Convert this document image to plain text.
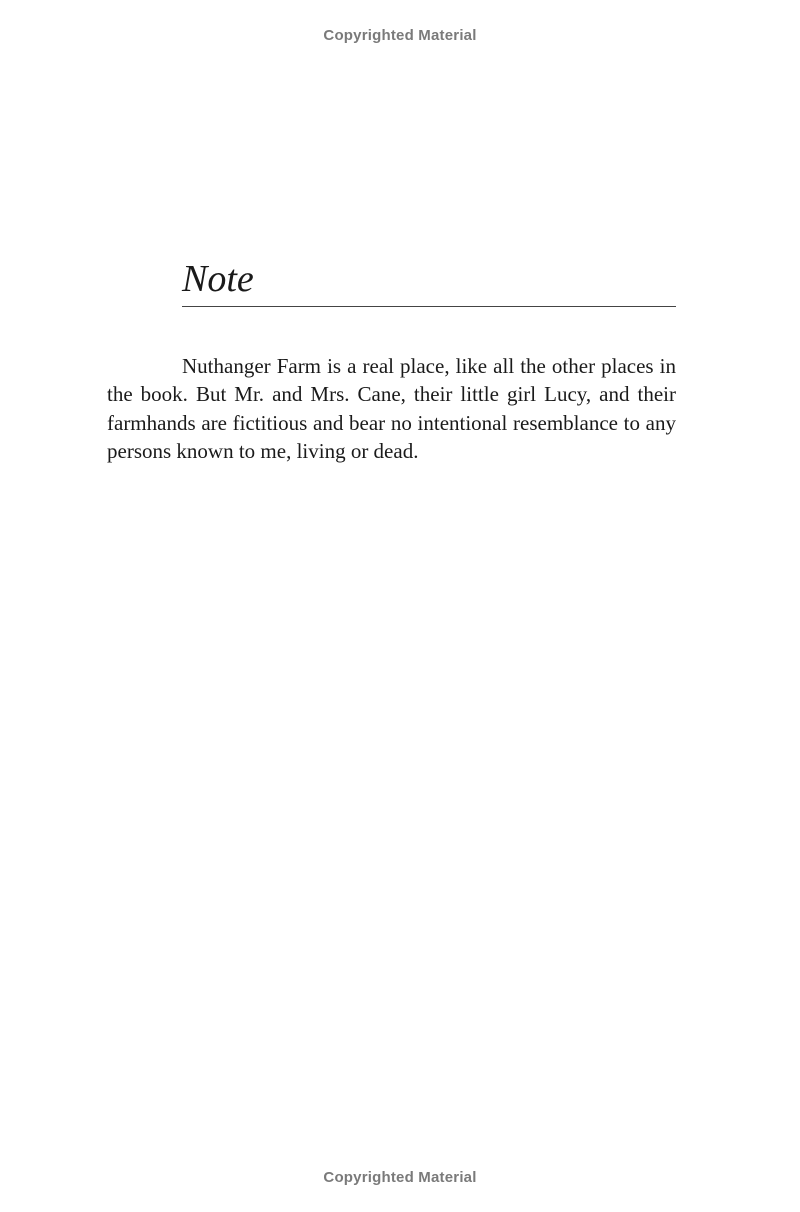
Copyrighted Material
Note

Nuthanger Farm is a real place, like all the other places in the book. But Mr. and Mrs. Cane, their little girl Lucy, and their farmhands are fictitious and bear no intentional resemblance to any persons known to me, living or dead.

Copyrighted Material
